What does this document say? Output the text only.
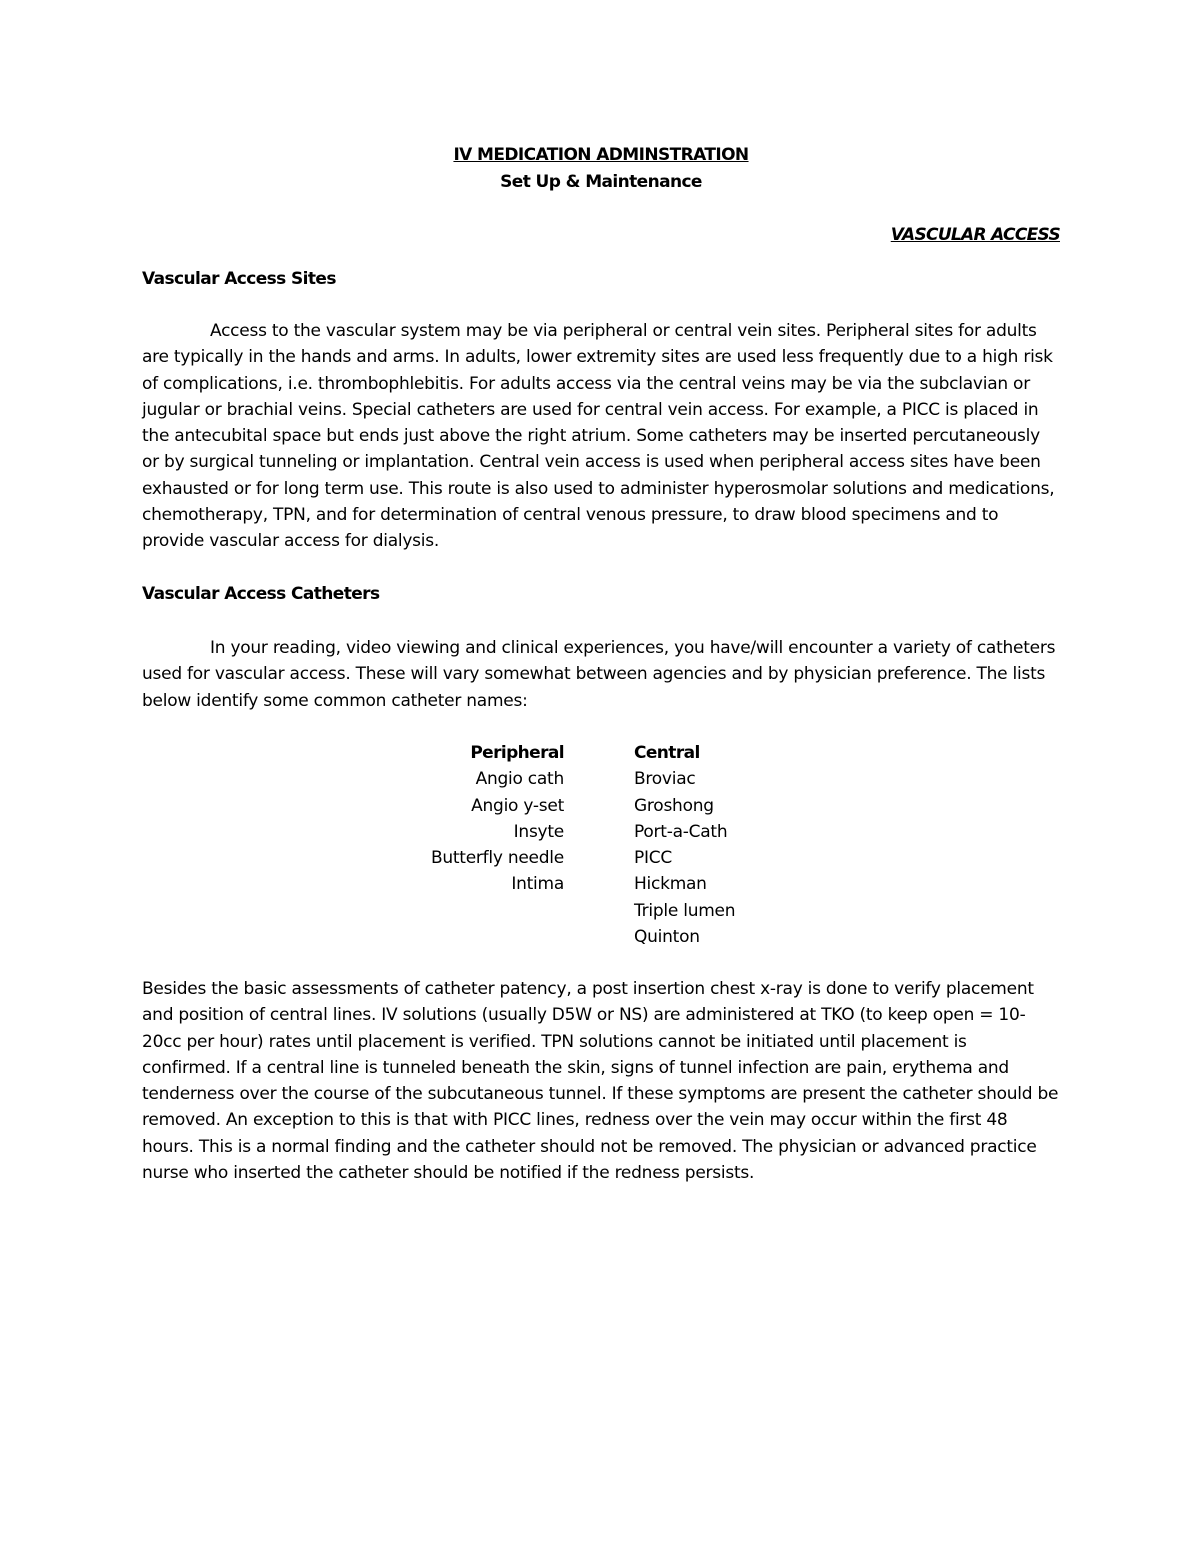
IV MEDICATION ADMINSTRATION
Set Up & Maintenance
VASCULAR ACCESS
Vascular Access Sites

Access to the vascular system may be via peripheral or central vein sites. Peripheral sites for adults are typically in the hands and arms. In adults, lower extremity sites are used less frequently due to a high risk of complications, i.e. thrombophlebitis. For adults access via the central veins may be via the subclavian or jugular or brachial veins. Special catheters are used for central vein access. For example, a PICC is placed in the antecubital space but ends just above the right atrium. Some catheters may be inserted percutaneously or by surgical tunneling or implantation. Central vein access is used when peripheral access sites have been exhausted or for long term use. This route is also used to administer hyperosmolar solutions and medications, chemotherapy, TPN, and for determination of central venous pressure, to draw blood specimens and to provide vascular access for dialysis.

Vascular Access Catheters

In your reading, video viewing and clinical experiences, you have/will encounter a variety of catheters used for vascular access. These will vary somewhat between agencies and by physician preference. The lists below identify some common catheter names:

Peripheral
Angio cath
Angio y-set
Insyte
Butterfly needle
Intima
Central
Broviac
Groshong
Port-a-Cath
PICC
Hickman
Triple lumen
Quinton

Besides the basic assessments of catheter patency, a post insertion chest x-ray is done to verify placement and position of central lines. IV solutions (usually D5W or NS) are administered at TKO (to keep open = 10-20cc per hour) rates until placement is verified. TPN solutions cannot be initiated until placement is confirmed. If a central line is tunneled beneath the skin, signs of tunnel infection are pain, erythema and tenderness over the course of the subcutaneous tunnel. If these symptoms are present the catheter should be removed. An exception to this is that with PICC lines, redness over the vein may occur within the first 48 hours. This is a normal finding and the catheter should not be removed. The physician or advanced practice nurse who inserted the catheter should be notified if the redness persists.
